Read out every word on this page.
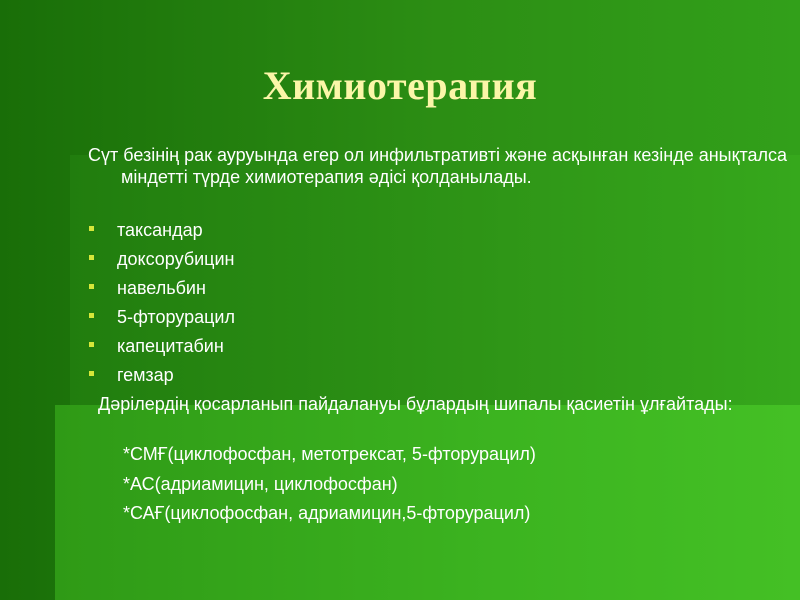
Химиотерапия

Сүт безінің рак ауруында егер ол инфильтративті және асқынған кезінде анықталса міндетті түрде химиотерапия әдісі қолданылады.

таксандар
доксорубицин
навельбин
5-фторурацил
капецитабин
гемзар

Дәрілердің қосарланып пайдалануы бұлардың шипалы қасиетін ұлғайтады:

*СМҒ(циклофосфан, метотрексат, 5-фторурацил)
*АС(адриамицин, циклофосфан)
*САҒ(циклофосфан, адриамицин,5-фторурацил)
